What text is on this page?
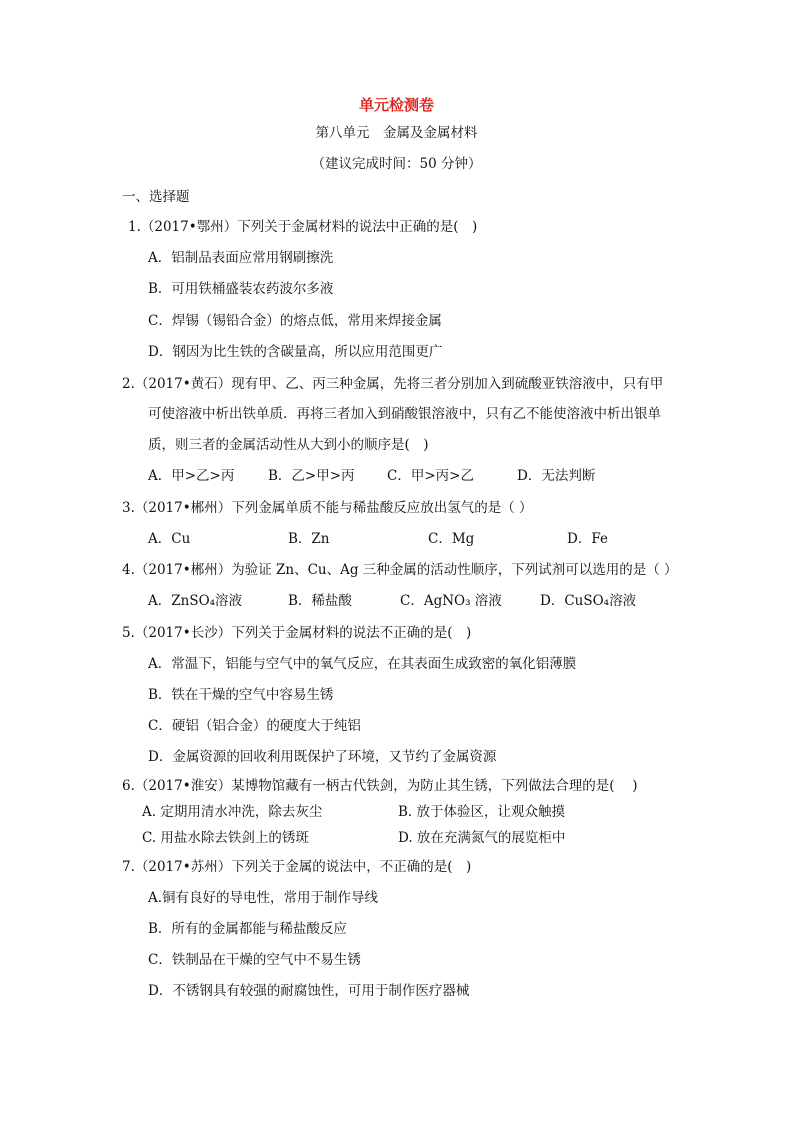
单元检测卷
第八单元　金属及金属材料
（建议完成时间：50 分钟）
一、选择题
1.（2017•鄂州）下列关于金属材料的说法中正确的是(　)
A．铝制品表面应常用钢刷擦洗
B．可用铁桶盛装农药波尔多液
C．焊锡（锡铅合金）的熔点低，常用来焊接金属
D．钢因为比生铁的含碳量高，所以应用范围更广
2.（2017•黄石）现有甲、乙、丙三种金属，先将三者分别加入到硫酸亚铁溶液中，只有甲
可使溶液中析出铁单质．再将三者加入到硝酸银溶液中，只有乙不能使溶液中析出银单
质，则三者的金属活动性从大到小的顺序是(　)
A．甲>乙>丙 B．乙>甲>丙 C．甲>丙>乙	D．无法判断
3.（2017•郴州）下列金属单质不能与稀盐酸反应放出氢气的是（ ）
A．Cu	B．Zn	C．Mg	D．Fe
4.（2017•郴州）为验证 Zn、Cu、Ag 三种金属的活动性顺序，下列试剂可以选用的是（ ）
A．ZnSO₄溶液	B．稀盐酸	C．AgNO₃ 溶液	D．CuSO₄溶液
5.（2017•长沙）下列关于金属材料的说法不正确的是(　)
A．常温下，铝能与空气中的氧气反应，在其表面生成致密的氧化铝薄膜
B．铁在干燥的空气中容易生锈
C．硬铝（铝合金）的硬度大于纯铝
D．金属资源的回收利用既保护了环境，又节约了金属资源
6.（2017•淮安）某博物馆藏有一柄古代铁剑，为防止其生锈，下列做法合理的是(　 )
A. 定期用清水冲洗，除去灰尘	B. 放于体验区，让观众触摸
C. 用盐水除去铁剑上的锈斑	D. 放在充满氮气的展览柜中
7.（2017•苏州）下列关于金属的说法中，不正确的是(　)
A.铜有良好的导电性，常用于制作导线
B．所有的金属都能与稀盐酸反应
C．铁制品在干燥的空气中不易生锈
D．不锈钢具有较强的耐腐蚀性，可用于制作医疗器械
